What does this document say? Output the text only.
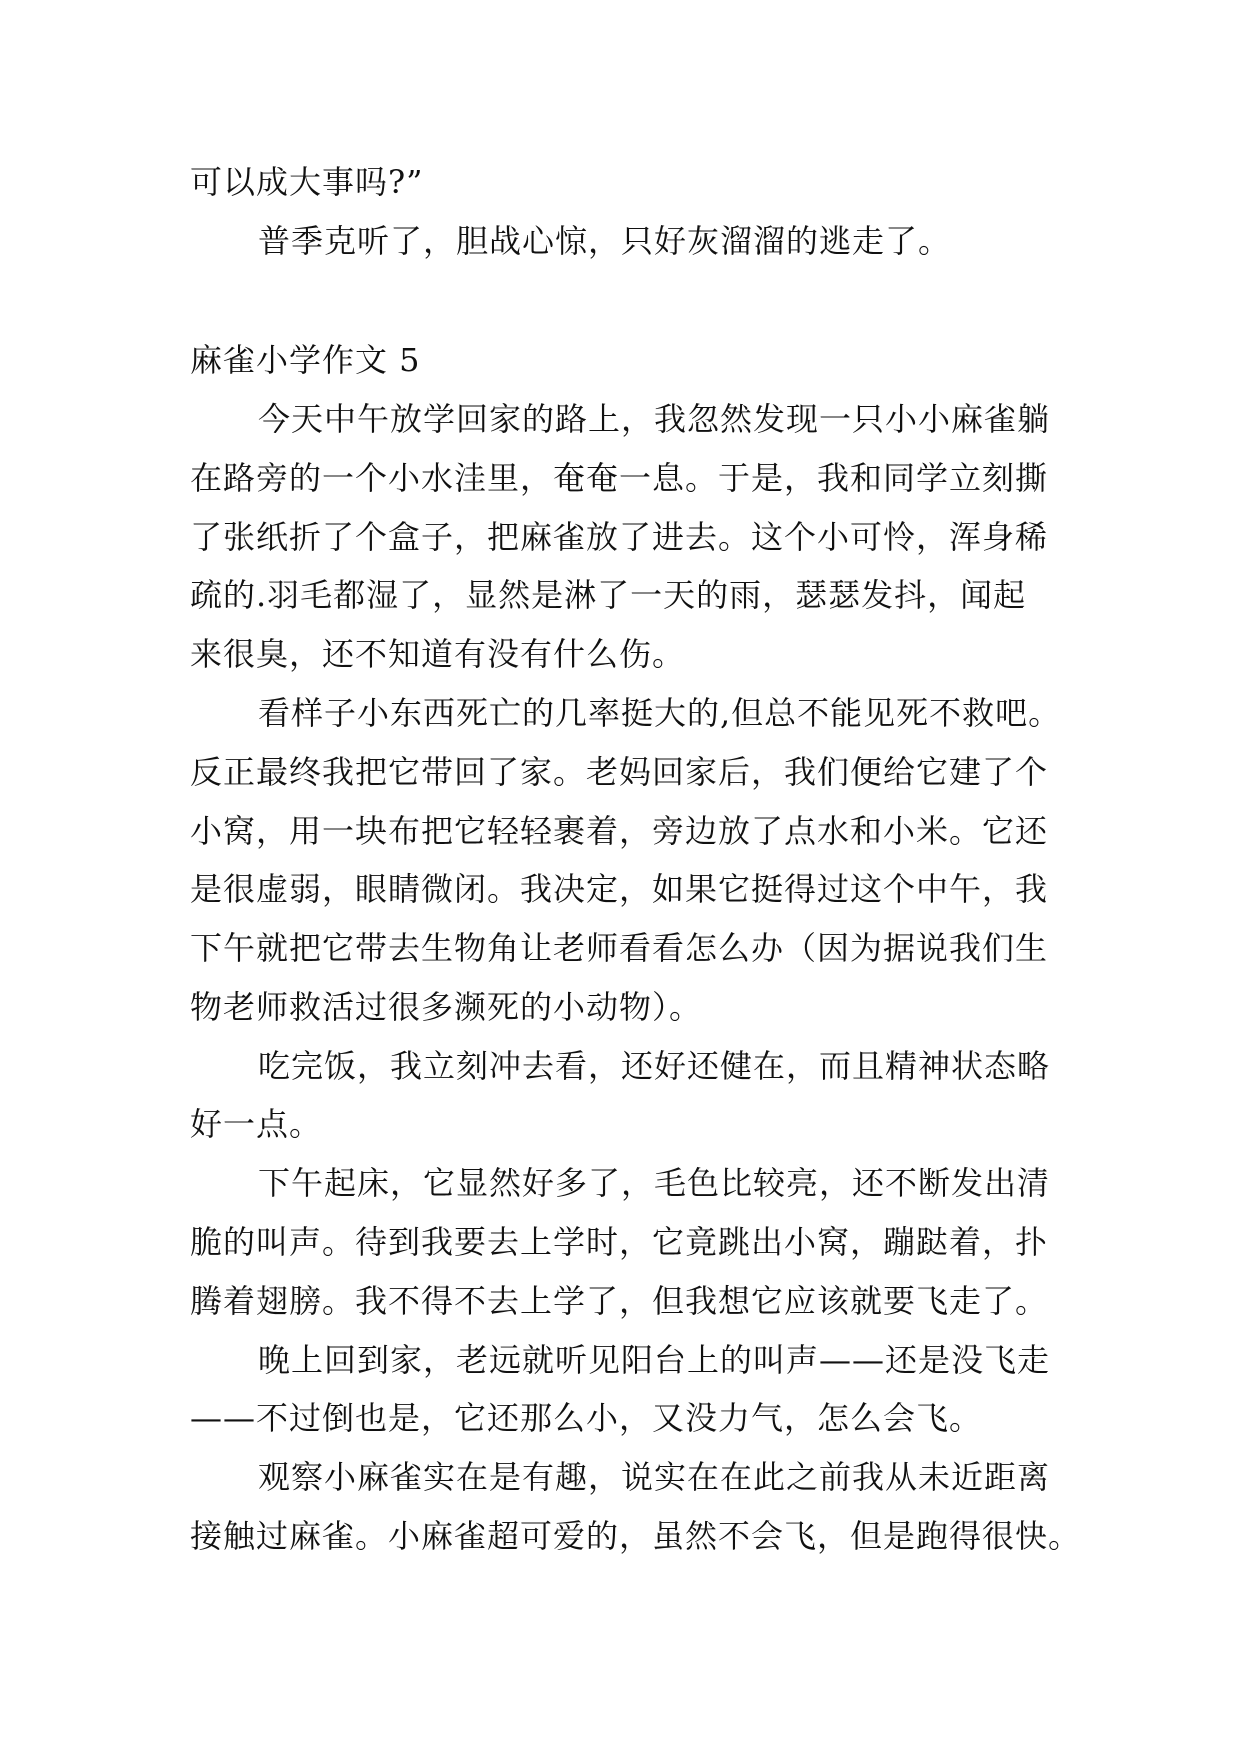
可以成大事吗?”
普季克听了，胆战心惊，只好灰溜溜的逃走了。
麻雀小学作文 5
今天中午放学回家的路上，我忽然发现一只小小麻雀躺
在路旁的一个小水洼里，奄奄一息。于是，我和同学立刻撕
了张纸折了个盒子，把麻雀放了进去。这个小可怜，浑身稀
疏的.羽毛都湿了，显然是淋了一天的雨，瑟瑟发抖，闻起
来很臭，还不知道有没有什么伤。
看样子小东西死亡的几率挺大的,但总不能见死不救吧。
反正最终我把它带回了家。老妈回家后，我们便给它建了个
小窝，用一块布把它轻轻裹着，旁边放了点水和小米。它还
是很虚弱，眼睛微闭。我决定，如果它挺得过这个中午，我
下午就把它带去生物角让老师看看怎么办（因为据说我们生
物老师救活过很多濒死的小动物）。
吃完饭，我立刻冲去看，还好还健在，而且精神状态略
好一点。
下午起床，它显然好多了，毛色比较亮，还不断发出清
脆的叫声。待到我要去上学时，它竟跳出小窝，蹦跶着，扑
腾着翅膀。我不得不去上学了，但我想它应该就要飞走了。
晚上回到家，老远就听见阳台上的叫声——还是没飞走
——不过倒也是，它还那么小，又没力气，怎么会飞。
观察小麻雀实在是有趣，说实在在此之前我从未近距离
接触过麻雀。小麻雀超可爱的，虽然不会飞，但是跑得很快。
